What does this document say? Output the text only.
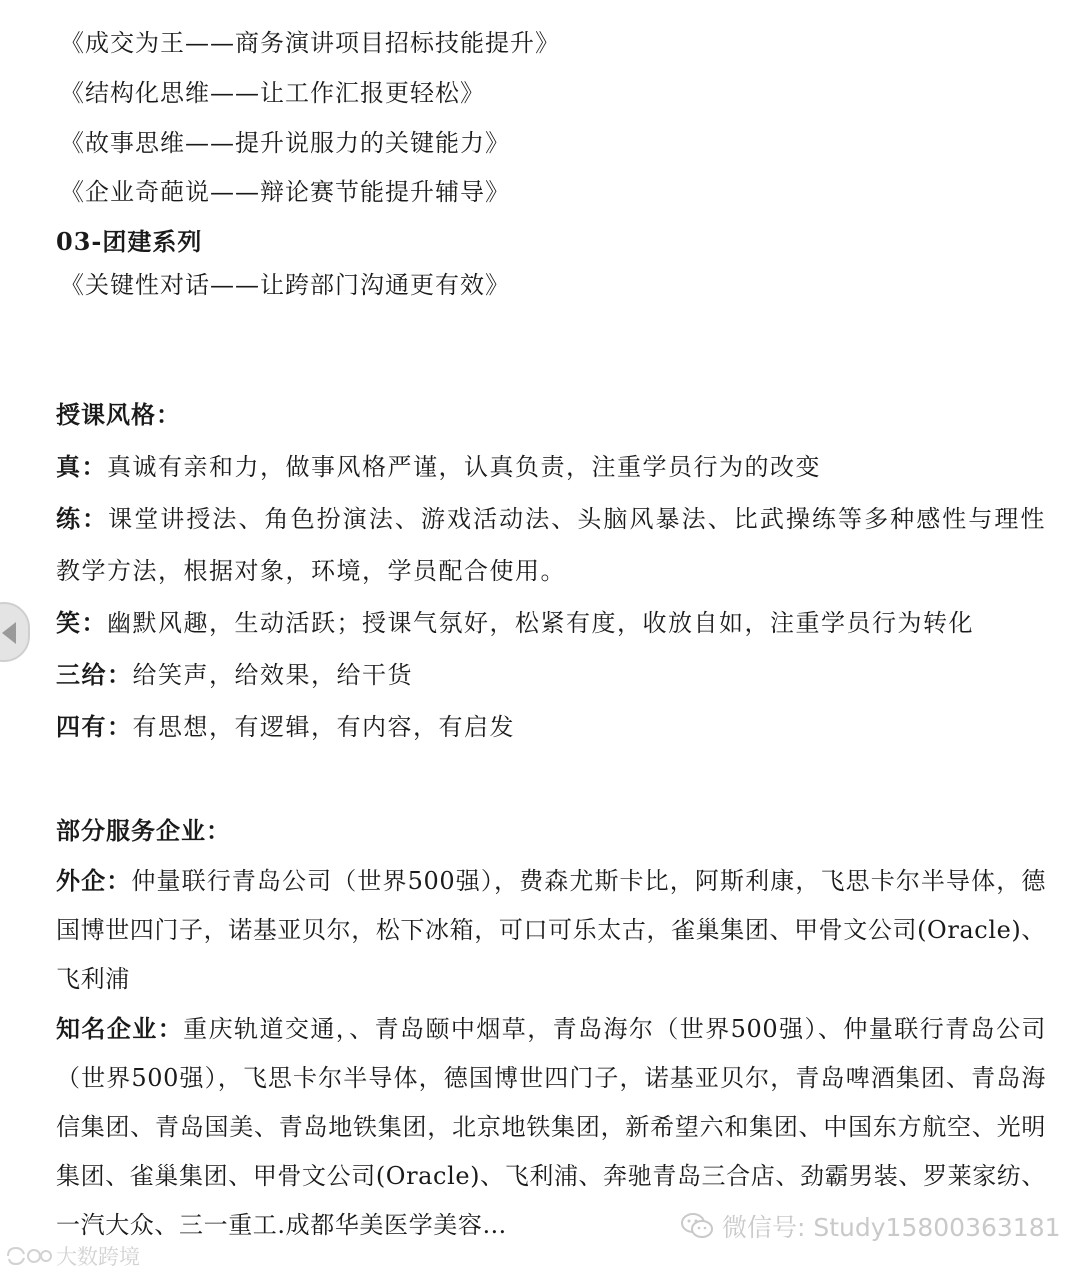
《成交为王——商务演讲项目招标技能提升》
《结构化思维——让工作汇报更轻松》
《故事思维——提升说服力的关键能力》
《企业奇葩说——辩论赛节能提升辅导》
03-团建系列
《关键性对话——让跨部门沟通更有效》
授课风格：
真：真诚有亲和力，做事风格严谨，认真负责，注重学员行为的改变
练：课堂讲授法、角色扮演法、游戏活动法、头脑风暴法、比武操练等多种感性与理性教学方法，根据对象，环境，学员配合使用。
笑：幽默风趣，生动活跃；授课气氛好，松紧有度，收放自如，注重学员行为转化
三给：给笑声，给效果，给干货
四有：有思想，有逻辑，有内容，有启发
部分服务企业：
外企：仲量联行青岛公司（世界500强），费森尤斯卡比，阿斯利康，飞思卡尔半导体，德国博世四门子，诺基亚贝尔，松下冰箱，可口可乐太古，雀巢集团、甲骨文公司(Oracle)、飞利浦
知名企业：重庆轨道交通，、青岛颐中烟草，青岛海尔（世界500强）、仲量联行青岛公司（世界500强），飞思卡尔半导体，德国博世四门子，诺基亚贝尔，青岛啤酒集团、青岛海信集团、青岛国美、青岛地铁集团，北京地铁集团，新希望六和集团、中国东方航空、光明集团、雀巢集团、甲骨文公司(Oracle)、飞利浦、奔驰青岛三合店、劲霸男装、罗莱家纺、一汽大众、三一重工.成都华美医学美容…	微信号: Study15800363181
大数跨境
